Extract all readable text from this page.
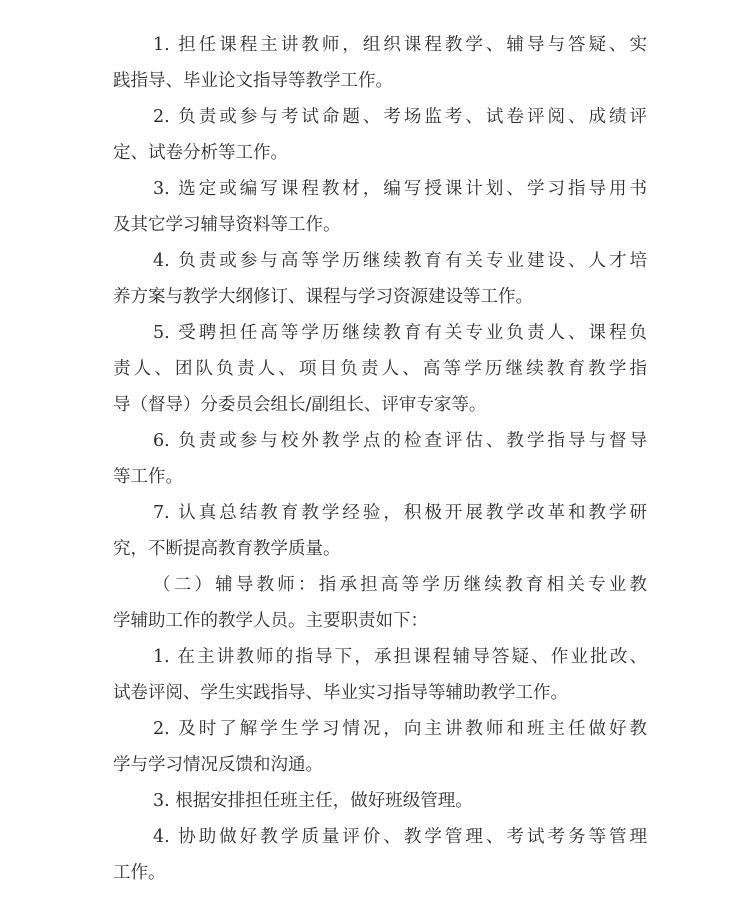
1. 担任课程主讲教师，组织课程教学、辅导与答疑、实
践指导、毕业论文指导等教学工作。
2. 负责或参与考试命题、考场监考、试卷评阅、成绩评
定、试卷分析等工作。
3. 选定或编写课程教材，编写授课计划、学习指导用书
及其它学习辅导资料等工作。
4. 负责或参与高等学历继续教育有关专业建设、人才培
养方案与教学大纲修订、课程与学习资源建设等工作。
5. 受聘担任高等学历继续教育有关专业负责人、课程负
责人、团队负责人、项目负责人、高等学历继续教育教学指
导（督导）分委员会组长/副组长、评审专家等。
6. 负责或参与校外教学点的检查评估、教学指导与督导
等工作。
7. 认真总结教育教学经验，积极开展教学改革和教学研
究，不断提高教育教学质量。
（二）辅导教师：指承担高等学历继续教育相关专业教
学辅助工作的教学人员。主要职责如下：
1. 在主讲教师的指导下，承担课程辅导答疑、作业批改、
试卷评阅、学生实践指导、毕业实习指导等辅助教学工作。
2. 及时了解学生学习情况，向主讲教师和班主任做好教
学与学习情况反馈和沟通。
3. 根据安排担任班主任，做好班级管理。
4. 协助做好教学质量评价、教学管理、考试考务等管理
工作。
